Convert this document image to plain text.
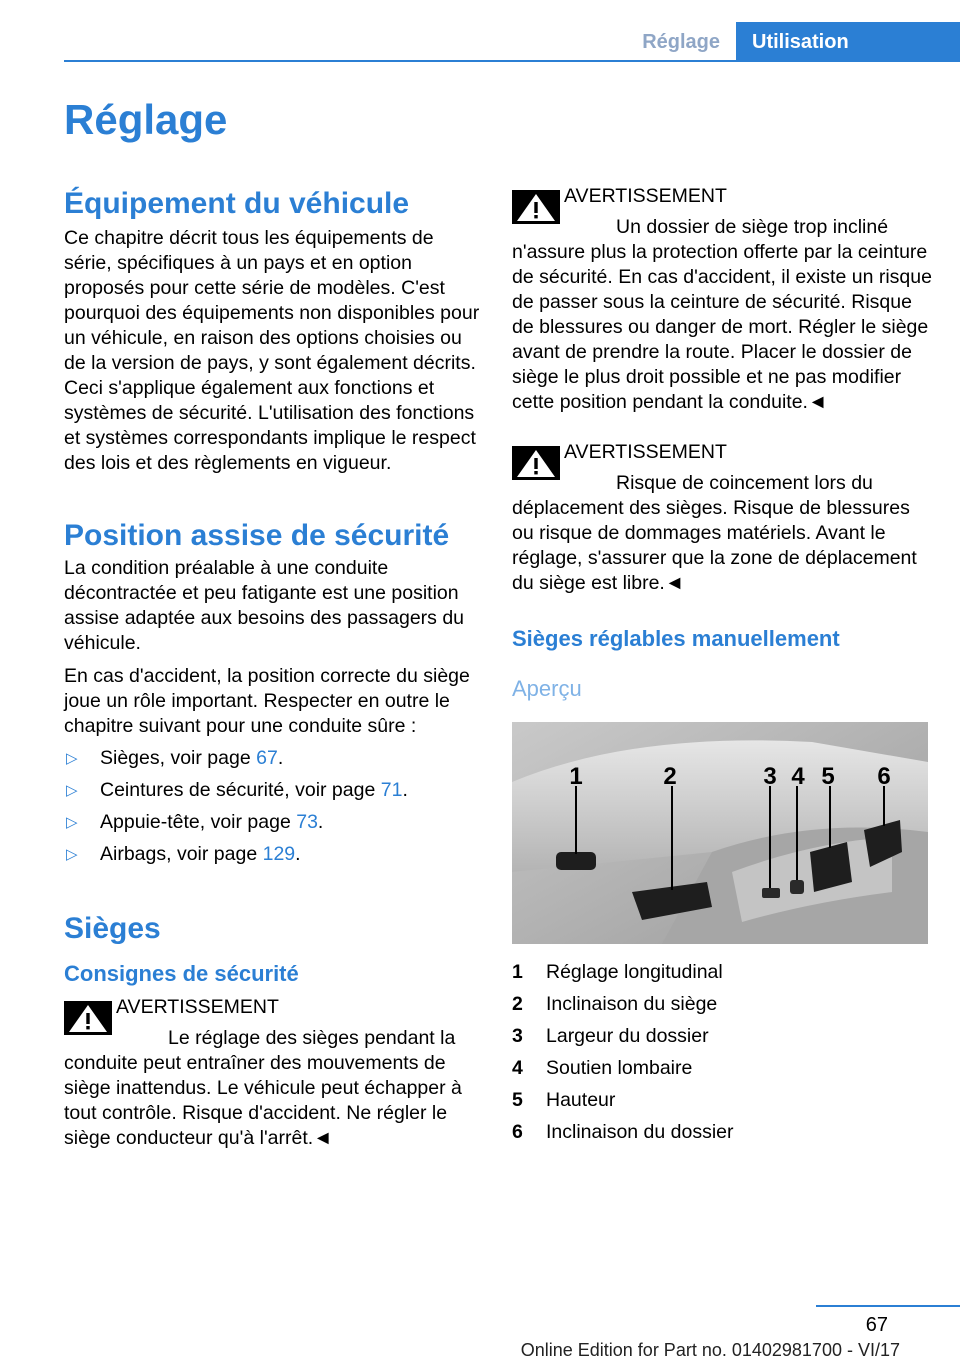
Réglage	Utilisation
Réglage
Équipement du véhicule

Ce chapitre décrit tous les équipements de série, spécifiques à un pays et en option proposés pour cette série de modèles. C'est pourquoi des équipements non disponibles pour un véhicule, en raison des options choisies ou de la version de pays, y sont également décrits. Ceci s'applique également aux fonctions et systèmes de sécurité. L'utilisation des fonctions et systèmes correspondants implique le respect des lois et des règlements en vigueur.

Position assise de sécurité

La condition préalable à une conduite décontractée et peu fatigante est une position assise adaptée aux besoins des passagers du véhicule.

En cas d'accident, la position correcte du siège joue un rôle important. Respecter en outre le chapitre suivant pour une conduite sûre :

▷	Sièges, voir page 67.
▷	Ceintures de sécurité, voir page 71.
▷	Appuie-tête, voir page 73.
▷	Airbags, voir page 129.
Sièges
Consignes de sécurité
AVERTISSEMENT

Le réglage des sièges pendant la conduite peut entraîner des mouvements de siège inattendus. Le véhicule peut échapper à tout contrôle. Risque d'accident. Ne régler le siège conducteur qu'à l'arrêt.◄

AVERTISSEMENT

Un dossier de siège trop incliné n'assure plus la protection offerte par la ceinture de sécurité. En cas d'accident, il existe un risque de passer sous la ceinture de sécurité. Risque de blessures ou danger de mort. Régler le siège avant de prendre la route. Placer le dossier de siège le plus droit possible et ne pas modifier cette position pendant la conduite.◄

AVERTISSEMENT

Risque de coincement lors du déplacement des sièges. Risque de blessures ou risque de dommages matériels. Avant le réglage, s'assurer que la zone de déplacement du siège est libre.◄

Sièges réglables manuellement
Aperçu
1	2	3 4 5 6
1	Réglage longitudinal
2	Inclinaison du siège
3	Largeur du dossier
4	Soutien lombaire
5	Hauteur
6	Inclinaison du dossier
67
Online Edition for Part no. 01402981700 - VI/17
